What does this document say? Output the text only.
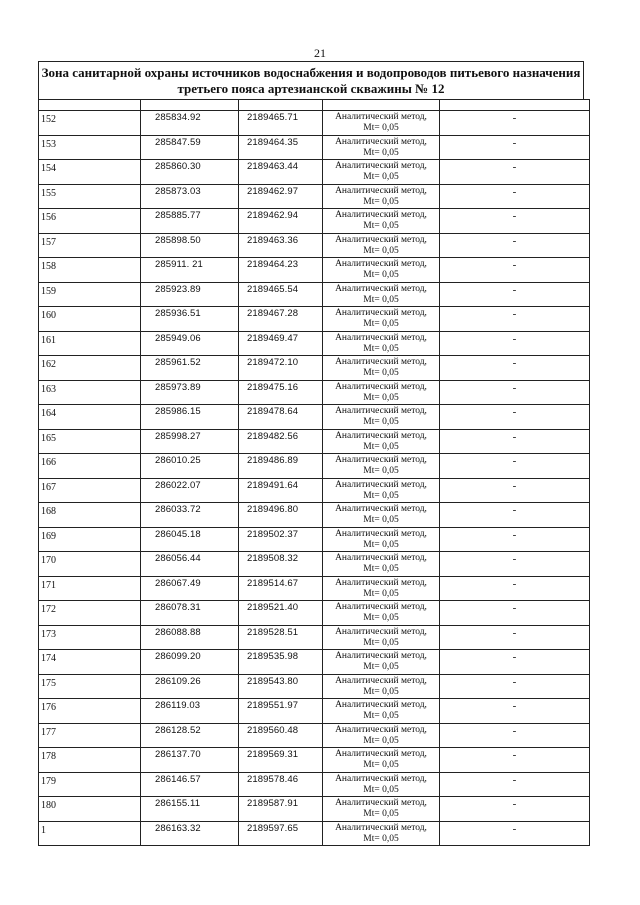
21
Зона санитарной охраны источников водоснабжения и водопроводов питьевого назначения третьего пояса артезианской скважины № 12

152	285834.92	2189465.71	Аналитический метод,
Mt= 0,05	-

153	285847.59	2189464.35	Аналитический метод,
Mt= 0,05	-

154	285860.30	2189463.44	Аналитический метод,
Mt= 0,05	-

155	285873.03	2189462.97	Аналитический метод,
Mt= 0,05	-

156	285885.77	2189462.94	Аналитический метод,
Mt= 0,05	-

157	285898.50	2189463.36	Аналитический метод,
Mt= 0,05	-

158	285911. 21	2189464.23	Аналитический метод,
Mt= 0,05	-

159	285923.89	2189465.54	Аналитический метод,
Mt= 0,05	-

160	285936.51	2189467.28	Аналитический метод,
Mt= 0,05	-

161	285949.06	2189469.47	Аналитический метод,
Mt= 0,05	-

162	285961.52	2189472.10	Аналитический метод,
Mt= 0,05	-

163	285973.89	2189475.16	Аналитический метод,
Mt= 0,05	-

164	285986.15	2189478.64	Аналитический метод,
Mt= 0,05	-

165	285998.27	2189482.56	Аналитический метод,
Mt= 0,05	-

166	286010.25	2189486.89	Аналитический метод,
Mt= 0,05	-

167	286022.07	2189491.64	Аналитический метод,
Mt= 0,05	-

168	286033.72	2189496.80	Аналитический метод,
Mt= 0,05	-

169	286045.18	2189502.37	Аналитический метод,
Mt= 0,05	-

170	286056.44	2189508.32	Аналитический метод,
Mt= 0,05	-

171	286067.49	2189514.67	Аналитический метод,
Mt= 0,05	-

172	286078.31	2189521.40	Аналитический метод,
Mt= 0,05	-

173	286088.88	2189528.51	Аналитический метод,
Mt= 0,05	-

174	286099.20	2189535.98	Аналитический метод,
Mt= 0,05	-

175	286109.26	2189543.80	Аналитический метод,
Mt= 0,05	-

176	286119.03	2189551.97	Аналитический метод,
Mt= 0,05	-

177	286128.52	2189560.48	Аналитический метод,
Mt= 0,05	-

178	286137.70	2189569.31	Аналитический метод,
Mt= 0,05	-

179	286146.57	2189578.46	Аналитический метод,
Mt= 0,05	-

180	286155.11	2189587.91	Аналитический метод,
Mt= 0,05	-

1	286163.32	2189597.65	Аналитический метод,
Mt= 0,05	-
